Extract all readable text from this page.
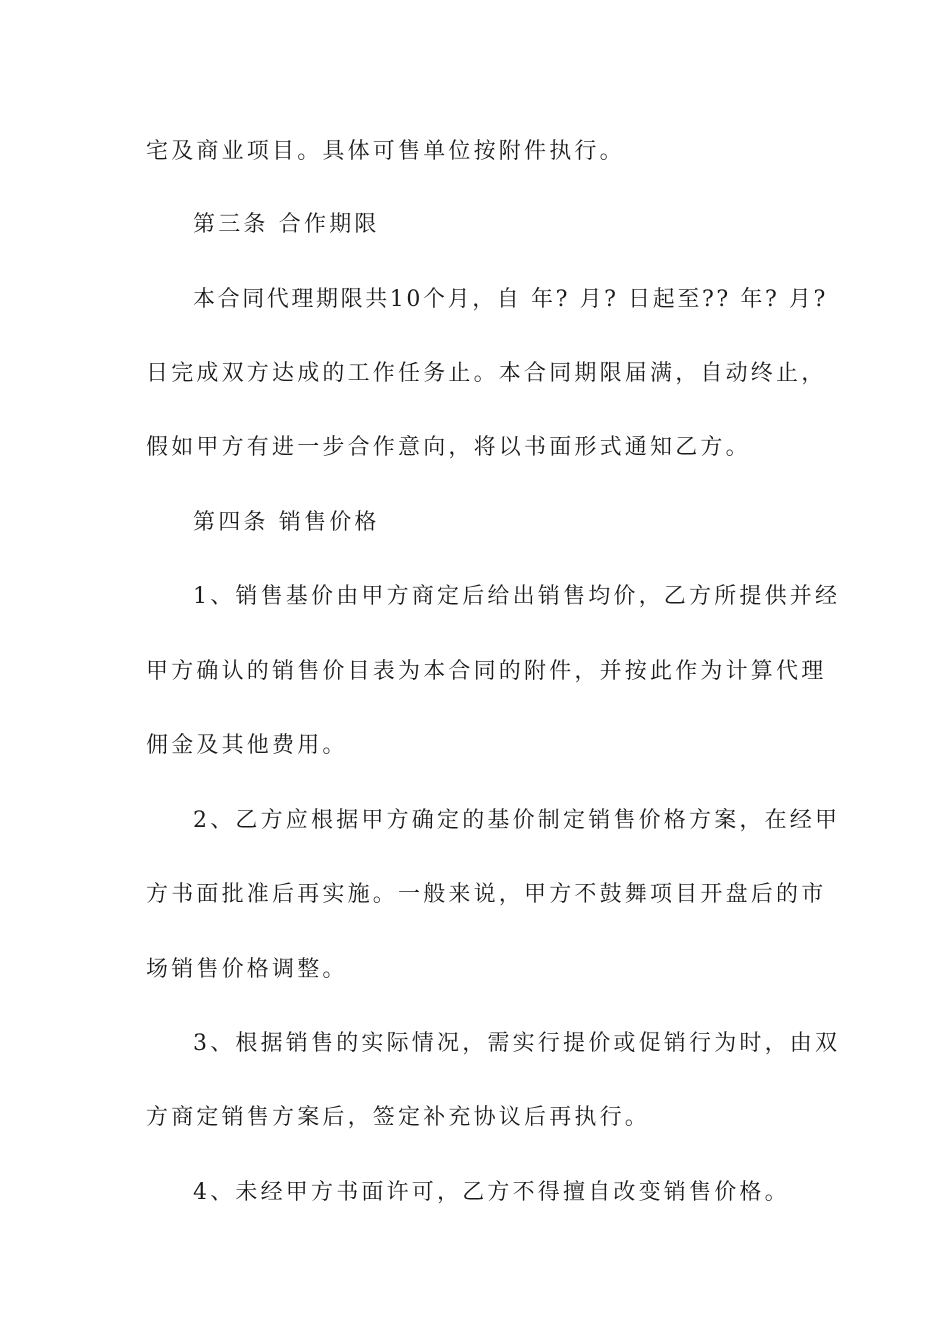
宅及商业项目。具体可售单位按附件执行。
第三条 合作期限
本合同代理期限共10个月，自 年? 月? 日起至?? 年? 月?
日完成双方达成的工作任务止。本合同期限届满，自动终止，
假如甲方有进一步合作意向，将以书面形式通知乙方。
第四条 销售价格
1、销售基价由甲方商定后给出销售均价，乙方所提供并经
甲方确认的销售价目表为本合同的附件，并按此作为计算代理
佣金及其他费用。
2、乙方应根据甲方确定的基价制定销售价格方案，在经甲
方书面批准后再实施。一般来说，甲方不鼓舞项目开盘后的市
场销售价格调整。
3、根据销售的实际情况，需实行提价或促销行为时，由双
方商定销售方案后，签定补充协议后再执行。
4、未经甲方书面许可，乙方不得擅自改变销售价格。
